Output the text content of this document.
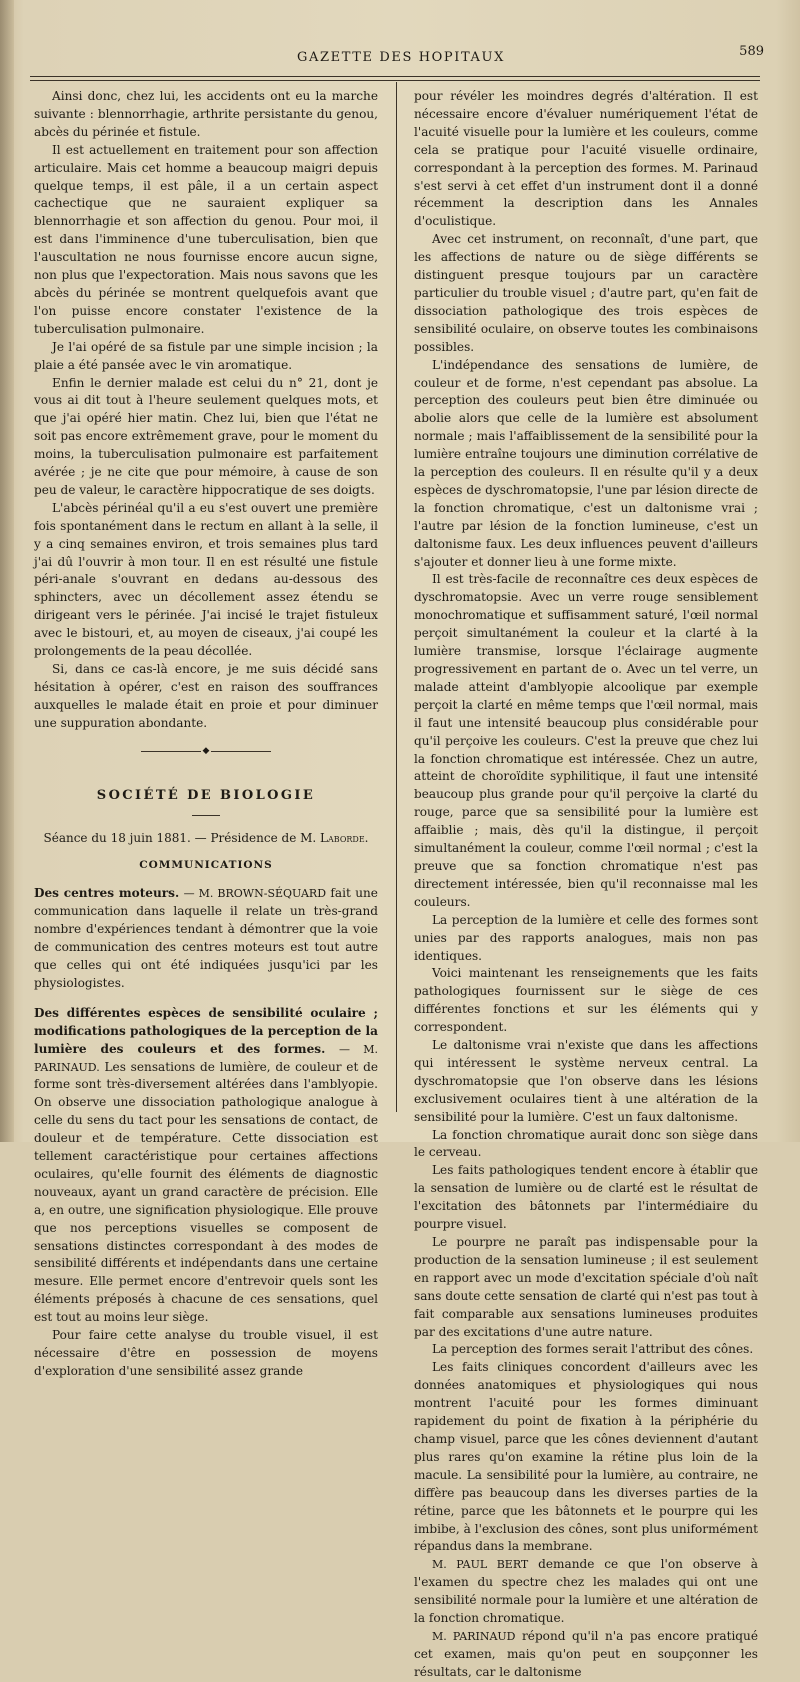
GAZETTE DES HOPITAUX	589

Ainsi donc, chez lui, les accidents ont eu la marche suivante : blennorrhagie, arthrite persistante du genou, abcès du périnée et fistule.

Il est actuellement en traitement pour son affection articulaire. Mais cet homme a beaucoup maigri depuis quelque temps, il est pâle, il a un certain aspect cachectique que ne sauraient expliquer sa blennorrhagie et son affection du genou. Pour moi, il est dans l'imminence d'une tuberculisation, bien que l'auscultation ne nous fournisse encore aucun signe, non plus que l'expectoration. Mais nous savons que les abcès du périnée se montrent quelquefois avant que l'on puisse encore constater l'existence de la tuberculisation pulmonaire.

Je l'ai opéré de sa fistule par une simple incision ; la plaie a été pansée avec le vin aromatique.

Enfin le dernier malade est celui du n° 21, dont je vous ai dit tout à l'heure seulement quelques mots, et que j'ai opéré hier matin. Chez lui, bien que l'état ne soit pas encore extrêmement grave, pour le moment du moins, la tuberculisation pulmonaire est parfaitement avérée ; je ne cite que pour mémoire, à cause de son peu de valeur, le caractère hippocratique de ses doigts.

L'abcès périnéal qu'il a eu s'est ouvert une première fois spontanément dans le rectum en allant à la selle, il y a cinq semaines environ, et trois semaines plus tard j'ai dû l'ouvrir à mon tour. Il en est résulté une fistule péri-anale s'ouvrant en dedans au-dessous des sphincters, avec un décollement assez étendu se dirigeant vers le périnée. J'ai incisé le trajet fistuleux avec le bistouri, et, au moyen de ciseaux, j'ai coupé les prolongements de la peau décollée.

Si, dans ce cas-là encore, je me suis décidé sans hésitation à opérer, c'est en raison des souffrances auxquelles le malade était en proie et pour diminuer une suppuration abondante.

◆
SOCIÉTÉ DE BIOLOGIE
Séance du 18 juin 1881. — Présidence de M. Laborde.
COMMUNICATIONS

Des centres moteurs. — M. BROWN-SÉQUARD fait une communication dans laquelle il relate un très-grand nombre d'expériences tendant à démontrer que la voie de communication des centres moteurs est tout autre que celles qui ont été indiquées jusqu'ici par les physiologistes.

Des différentes espèces de sensibilité oculaire ; modifications pathologiques de la perception de la lumière des couleurs et des formes. — M. PARINAUD. Les sensations de lumière, de couleur et de forme sont très-diversement altérées dans l'amblyopie. On observe une dissociation pathologique analogue à celle du sens du tact pour les sensations de contact, de douleur et de température. Cette dissociation est tellement caractéristique pour certaines affections oculaires, qu'elle fournit des éléments de diagnostic nouveaux, ayant un grand caractère de précision. Elle a, en outre, une signification physiologique. Elle prouve que nos perceptions visuelles se composent de sensations distinctes correspondant à des modes de sensibilité différents et indépendants dans une certaine mesure. Elle permet encore d'entrevoir quels sont les éléments préposés à chacune de ces sensations, quel est tout au moins leur siège.

Pour faire cette analyse du trouble visuel, il est nécessaire d'être en possession de moyens d'exploration d'une sensibilité assez grande

pour révéler les moindres degrés d'altération. Il est nécessaire encore d'évaluer numériquement l'état de l'acuité visuelle pour la lumière et les couleurs, comme cela se pratique pour l'acuité visuelle ordinaire, correspondant à la perception des formes. M. Parinaud s'est servi à cet effet d'un instrument dont il a donné récemment la description dans les Annales d'oculistique.

Avec cet instrument, on reconnaît, d'une part, que les affections de nature ou de siège différents se distinguent presque toujours par un caractère particulier du trouble visuel ; d'autre part, qu'en fait de dissociation pathologique des trois espèces de sensibilité oculaire, on observe toutes les combinaisons possibles.

L'indépendance des sensations de lumière, de couleur et de forme, n'est cependant pas absolue. La perception des couleurs peut bien être diminuée ou abolie alors que celle de la lumière est absolument normale ; mais l'affaiblissement de la sensibilité pour la lumière entraîne toujours une diminution corrélative de la perception des couleurs. Il en résulte qu'il y a deux espèces de dyschromatopsie, l'une par lésion directe de la fonction chromatique, c'est un daltonisme vrai ; l'autre par lésion de la fonction lumineuse, c'est un daltonisme faux. Les deux influences peuvent d'ailleurs s'ajouter et donner lieu à une forme mixte.

Il est très-facile de reconnaître ces deux espèces de dyschromatopsie. Avec un verre rouge sensiblement monochromatique et suffisamment saturé, l'œil normal perçoit simultanément la couleur et la clarté à la lumière transmise, lorsque l'éclairage augmente progressivement en partant de o. Avec un tel verre, un malade atteint d'amblyopie alcoolique par exemple perçoit la clarté en même temps que l'œil normal, mais il faut une intensité beaucoup plus considérable pour qu'il perçoive les couleurs. C'est la preuve que chez lui la fonction chromatique est intéressée. Chez un autre, atteint de choroïdite syphilitique, il faut une intensité beaucoup plus grande pour qu'il perçoive la clarté du rouge, parce que sa sensibilité pour la lumière est affaiblie ; mais, dès qu'il la distingue, il perçoit simultanément la couleur, comme l'œil normal ; c'est la preuve que sa fonction chromatique n'est pas directement intéressée, bien qu'il reconnaisse mal les couleurs.

La perception de la lumière et celle des formes sont unies par des rapports analogues, mais non pas identiques.

Voici maintenant les renseignements que les faits pathologiques fournissent sur le siège de ces différentes fonctions et sur les éléments qui y correspondent.

Le daltonisme vrai n'existe que dans les affections qui intéressent le système nerveux central. La dyschromatopsie que l'on observe dans les lésions exclusivement oculaires tient à une altération de la sensibilité pour la lumière. C'est un faux daltonisme.

La fonction chromatique aurait donc son siège dans le cerveau.

Les faits pathologiques tendent encore à établir que la sensation de lumière ou de clarté est le résultat de l'excitation des bâtonnets par l'intermédiaire du pourpre visuel.

Le pourpre ne paraît pas indispensable pour la production de la sensation lumineuse ; il est seulement en rapport avec un mode d'excitation spéciale d'où naît sans doute cette sensation de clarté qui n'est pas tout à fait comparable aux sensations lumineuses produites par des excitations d'une autre nature.

La perception des formes serait l'attribut des cônes.

Les faits cliniques concordent d'ailleurs avec les données anatomiques et physiologiques qui nous montrent l'acuité pour les formes diminuant rapidement du point de fixation à la périphérie du champ visuel, parce que les cônes deviennent d'autant plus rares qu'on examine la rétine plus loin de la macule. La sensibilité pour la lumière, au contraire, ne diffère pas beaucoup dans les diverses parties de la rétine, parce que les bâtonnets et le pourpre qui les imbibe, à l'exclusion des cônes, sont plus uniformément répandus dans la membrane.

M. PAUL BERT demande ce que l'on observe à l'examen du spectre chez les malades qui ont une sensibilité normale pour la lumière et une altération de la fonction chromatique.

M. PARINAUD répond qu'il n'a pas encore pratiqué cet examen, mais qu'on peut en soupçonner les résultats, car le daltonisme
